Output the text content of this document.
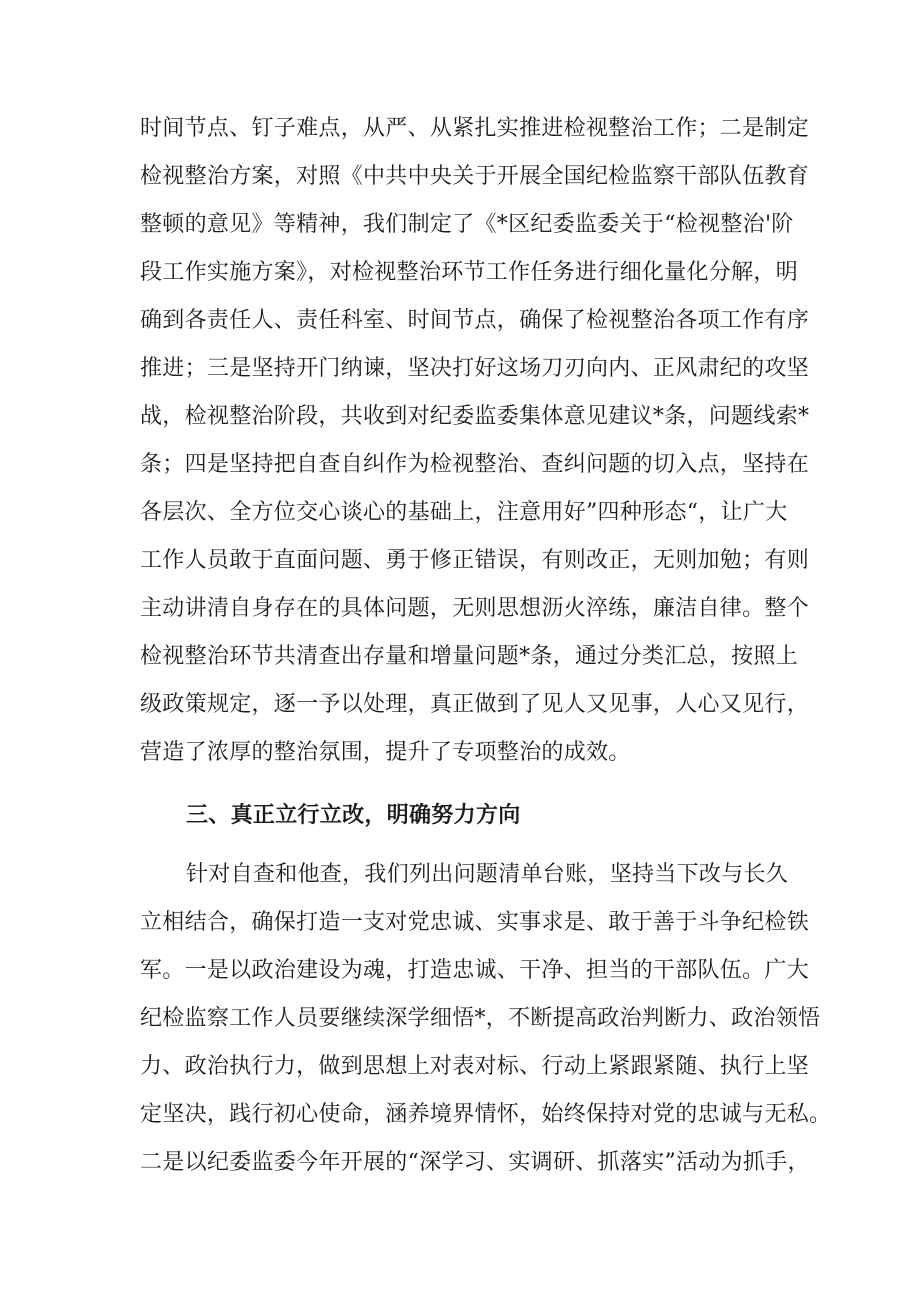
时间节点、钉子难点，从严、从紧扎实推进检视整治工作；二是制定
检视整治方案，对照《中共中央关于开展全国纪检监察干部队伍教育
整顿的意见》等精神，我们制定了《*区纪委监委关于“检视整治'阶
段工作实施方案》，对检视整治环节工作任务进行细化量化分解，明
确到各责任人、责任科室、时间节点，确保了检视整治各项工作有序
推进；三是坚持开门纳谏，坚决打好这场刀刃向内、正风肃纪的攻坚
战，检视整治阶段，共收到对纪委监委集体意见建议*条，问题线索*
条；四是坚持把自查自纠作为检视整治、查纠问题的切入点，坚持在
各层次、全方位交心谈心的基础上，注意用好”四种形态“，让广大
工作人员敢于直面问题、勇于修正错误，有则改正，无则加勉；有则
主动讲清自身存在的具体问题，无则思想沥火淬练，廉洁自律。整个
检视整治环节共清查出存量和增量问题*条，通过分类汇总，按照上
级政策规定，逐一予以处理，真正做到了见人又见事，人心又见行，
营造了浓厚的整治氛围，提升了专项整治的成效。
三、真正立行立改，明确努力方向
针对自查和他查，我们列出问题清单台账，坚持当下改与长久
立相结合，确保打造一支对党忠诚、实事求是、敢于善于斗争纪检铁
军。一是以政治建设为魂，打造忠诚、干净、担当的干部队伍。广大
纪检监察工作人员要继续深学细悟*，不断提高政治判断力、政治领悟
力、政治执行力，做到思想上对表对标、行动上紧跟紧随、执行上坚
定坚决，践行初心使命，涵养境界情怀，始终保持对党的忠诚与无私。
二是以纪委监委今年开展的“深学习、实调研、抓落实”活动为抓手，
